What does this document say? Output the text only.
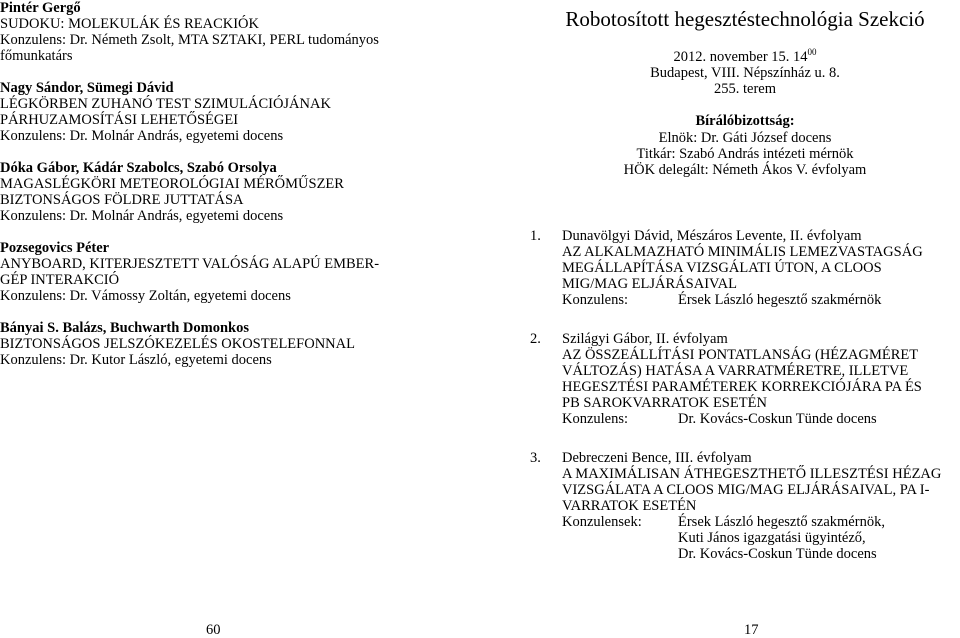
Pintér Gergő
SUDOKU: MOLEKULÁK ÉS REACKIÓK
Konzulens: Dr. Németh Zsolt, MTA SZTAKI, PERL tudományos
főmunkatárs
Nagy Sándor, Sümegi Dávid
LÉGKÖRBEN ZUHANÓ TEST SZIMULÁCIÓJÁNAK
PÁRHUZAMOSÍTÁSI LEHETŐSÉGEI
Konzulens: Dr. Molnár András, egyetemi docens
Dóka Gábor, Kádár Szabolcs, Szabó Orsolya
MAGASLÉGKÖRI METEOROLÓGIAI MÉRŐMŰSZER
BIZTONSÁGOS FÖLDRE JUTTATÁSA
Konzulens: Dr. Molnár András, egyetemi docens
Pozsegovics Péter
ANYBOARD, KITERJESZTETT VALÓSÁG ALAPÚ EMBER-
GÉP INTERAKCIÓ
Konzulens: Dr. Vámossy Zoltán, egyetemi docens
Bányai S. Balázs, Buchwarth Domonkos
BIZTONSÁGOS JELSZÓKEZELÉS OKOSTELEFONNAL
Konzulens: Dr. Kutor László, egyetemi docens
Robotosított hegesztéstechnológia Szekció
2012. november 15. $14^{00}$
Budapest, VIII. Népszínház u. 8.
255. terem
Bírálóbizottság:
Elnök: Dr. Gáti József docens
Titkár: Szabó András intézeti mérnök
HÖK delegált: Németh Ákos V. évfolyam
1.	Dunavölgyi Dávid, Mészáros Levente, II. évfolyam
AZ ALKALMAZHATÓ MINIMÁLIS LEMEZVASTAGSÁG
MEGÁLLAPÍTÁSA VIZSGÁLATI ÚTON, A CLOOS
MIG/MAG ELJÁRÁSAIVAL
Konzulens:	Érsek László hegesztő szakmérnök
2.	Szilágyi Gábor, II. évfolyam
AZ ÖSSZEÁLLÍTÁSI PONTATLANSÁG (HÉZAGMÉRET
VÁLTOZÁS) HATÁSA A VARRATMÉRETRE, ILLETVE
HEGESZTÉSI PARAMÉTEREK KORREKCIÓJÁRA PA ÉS
PB SAROKVARRATOK ESETÉN
Konzulens:	Dr. Kovács-Coskun Tünde docens
3.	Debreczeni Bence, III. évfolyam
A MAXIMÁLISAN ÁTHEGESZTHETŐ ILLESZTÉSI HÉZAG
VIZSGÁLATA A CLOOS MIG/MAG ELJÁRÁSAIVAL, PA I-
VARRATOK ESETÉN
Konzulensek:	Érsek László hegesztő szakmérnök,
Kuti János igazgatási ügyintéző,
Dr. Kovács-Coskun Tünde docens
60	17
